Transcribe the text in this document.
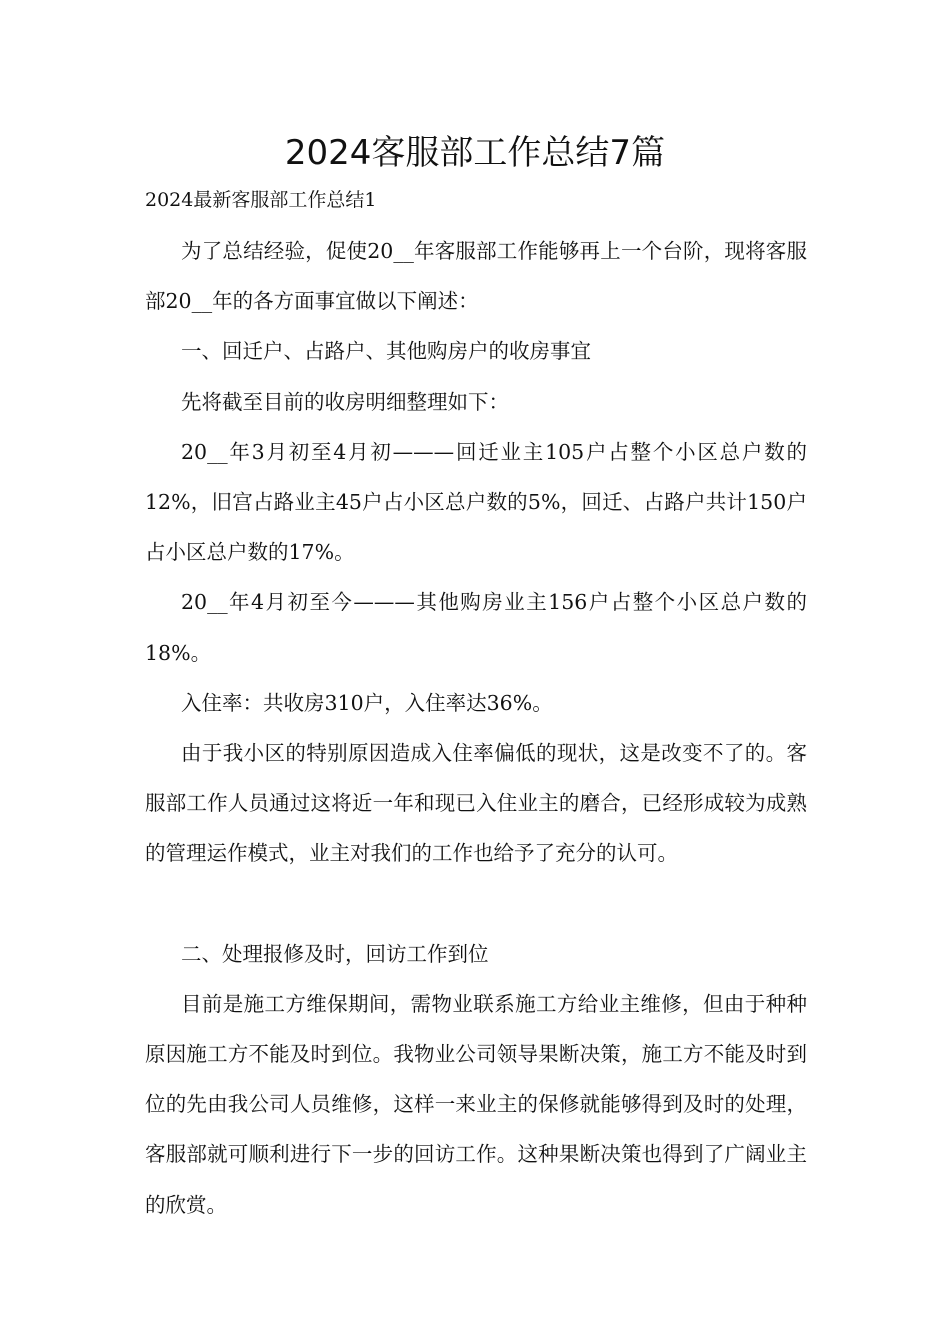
2024客服部工作总结7篇

2024最新客服部工作总结1

为了总结经验，促使20__年客服部工作能够再上一个台阶，现将客服部20__年的各方面事宜做以下阐述：

一、回迁户、占路户、其他购房户的收房事宜

先将截至目前的收房明细整理如下：

20__年3月初至4月初———回迁业主105户占整个小区总户数的12%，旧宫占路业主45户占小区总户数的5%，回迁、占路户共计150户占小区总户数的17%。

20__年4月初至今———其他购房业主156户占整个小区总户数的18%。

入住率：共收房310户，入住率达36%。

由于我小区的特别原因造成入住率偏低的现状，这是改变不了的。客服部工作人员通过这将近一年和现已入住业主的磨合，已经形成较为成熟的管理运作模式，业主对我们的工作也给予了充分的认可。

二、处理报修及时，回访工作到位

目前是施工方维保期间，需物业联系施工方给业主维修，但由于种种原因施工方不能及时到位。我物业公司领导果断决策，施工方不能及时到位的先由我公司人员维修，这样一来业主的保修就能够得到及时的处理，客服部就可顺利进行下一步的回访工作。这种果断决策也得到了广阔业主的欣赏。
